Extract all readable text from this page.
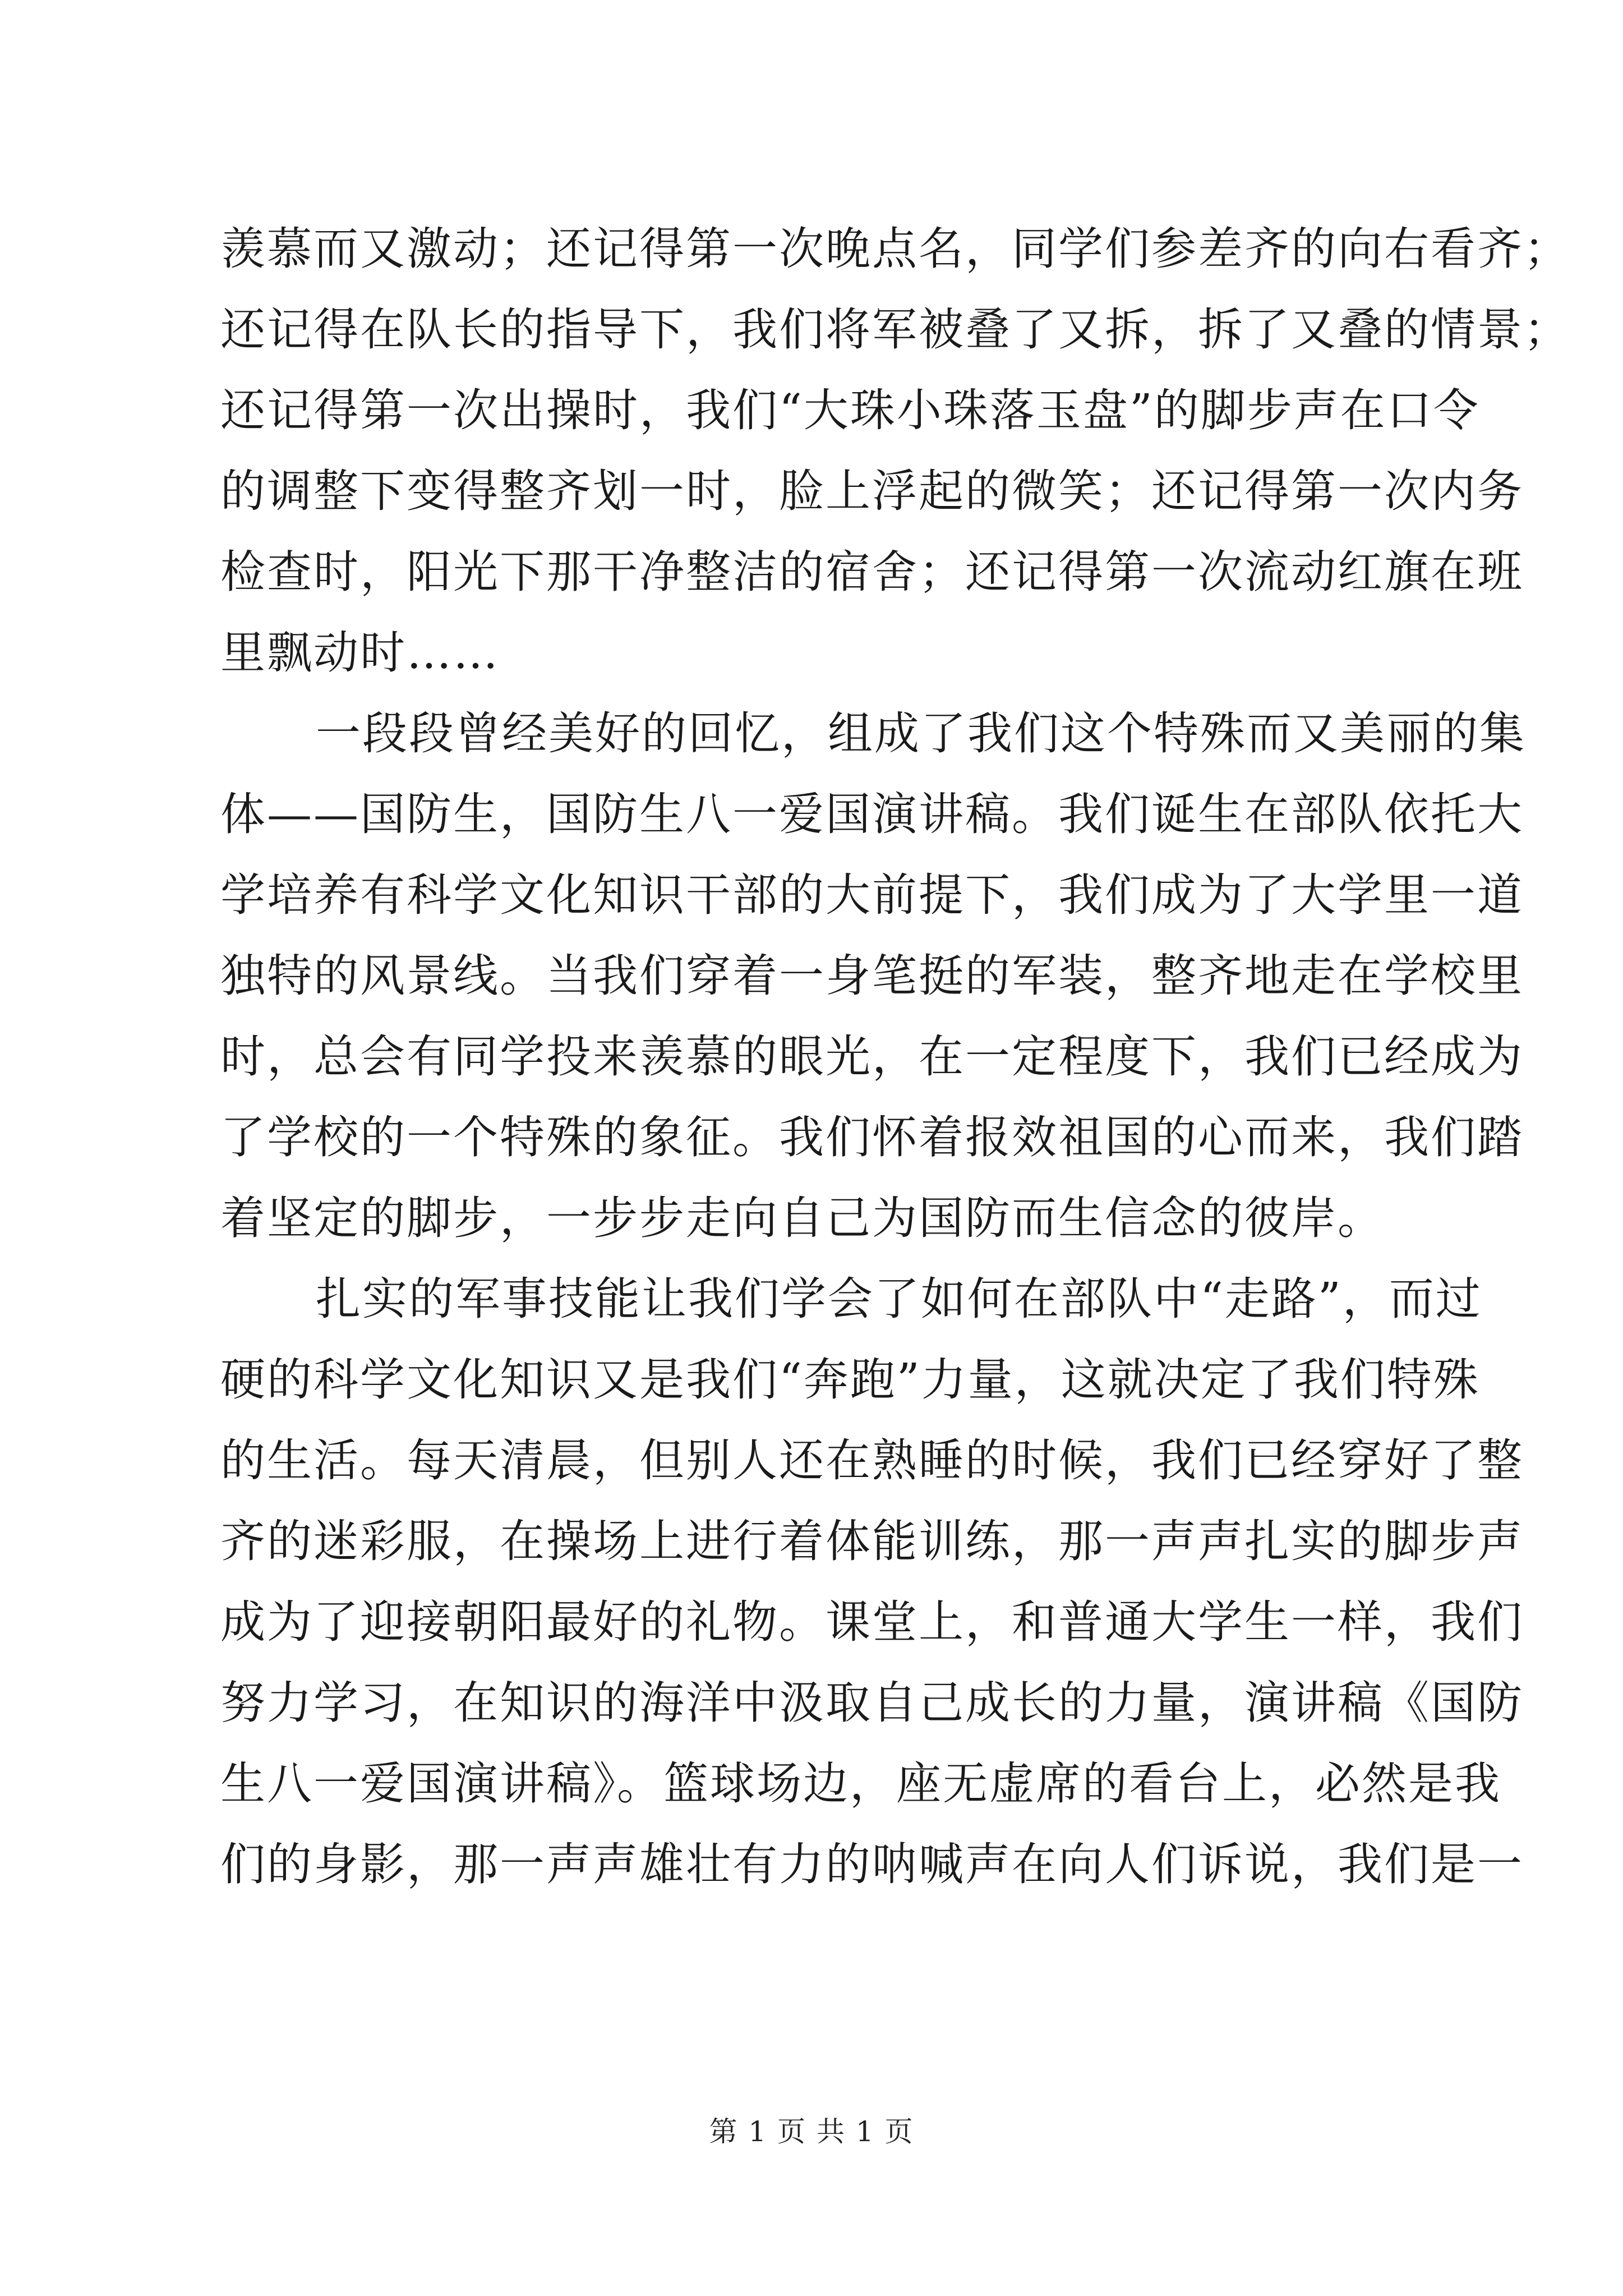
羡慕而又激动；还记得第一次晚点名，同学们参差齐的向右看齐；
还记得在队长的指导下，我们将军被叠了又拆，拆了又叠的情景；
还记得第一次出操时，我们“大珠小珠落玉盘”的脚步声在口令
的调整下变得整齐划一时，脸上浮起的微笑；还记得第一次内务
检查时，阳光下那干净整洁的宿舍；还记得第一次流动红旗在班
里飘动时……
一段段曾经美好的回忆，组成了我们这个特殊而又美丽的集
体——国防生，国防生八一爱国演讲稿。我们诞生在部队依托大
学培养有科学文化知识干部的大前提下，我们成为了大学里一道
独特的风景线。当我们穿着一身笔挺的军装，整齐地走在学校里
时，总会有同学投来羡慕的眼光，在一定程度下，我们已经成为
了学校的一个特殊的象征。我们怀着报效祖国的心而来，我们踏
着坚定的脚步，一步步走向自己为国防而生信念的彼岸。
扎实的军事技能让我们学会了如何在部队中“走路”，而过
硬的科学文化知识又是我们“奔跑”力量，这就决定了我们特殊
的生活。每天清晨，但别人还在熟睡的时候，我们已经穿好了整
齐的迷彩服，在操场上进行着体能训练，那一声声扎实的脚步声
成为了迎接朝阳最好的礼物。课堂上，和普通大学生一样，我们
努力学习，在知识的海洋中汲取自己成长的力量，演讲稿《国防
生八一爱国演讲稿》。篮球场边，座无虚席的看台上，必然是我
们的身影，那一声声雄壮有力的呐喊声在向人们诉说，我们是一
第 1 页 共 1 页
